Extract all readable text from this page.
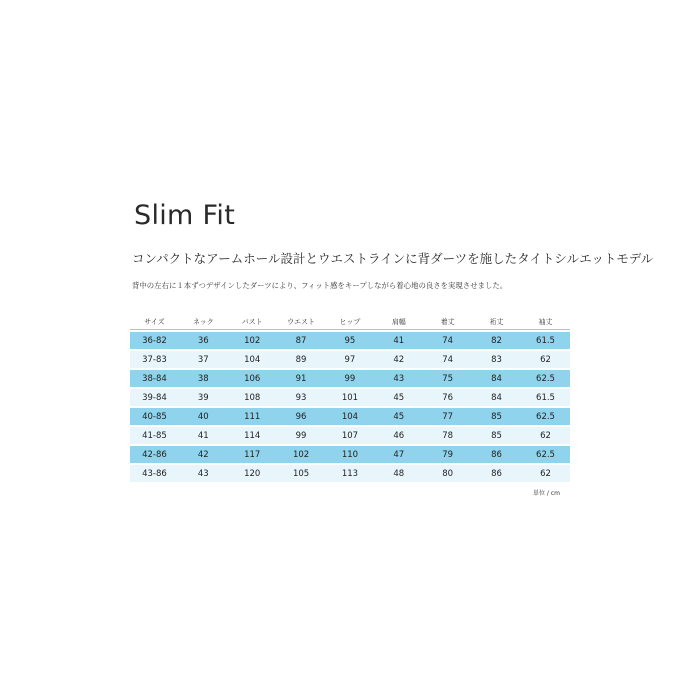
Slim Fit
コンパクトなアームホール設計とウエストラインに背ダーツを施したタイトシルエットモデル
背中の左右に１本ずつデザインしたダーツにより、フィット感をキープしながら着心地の良さを実現させました。
サイズ	ネック	バスト	ウエスト	ヒップ	肩幅	着丈	裄丈	袖丈
36-82	36	102	87	95	41	74	82	61.5
37-83	37	104	89	97	42	74	83	62
38-84	38	106	91	99	43	75	84	62.5
39-84	39	108	93	101	45	76	84	61.5
40-85	40	111	96	104	45	77	85	62.5
41-85	41	114	99	107	46	78	85	62
42-86	42	117	102	110	47	79	86	62.5
43-86	43	120	105	113	48	80	86	62
単位 / cm
